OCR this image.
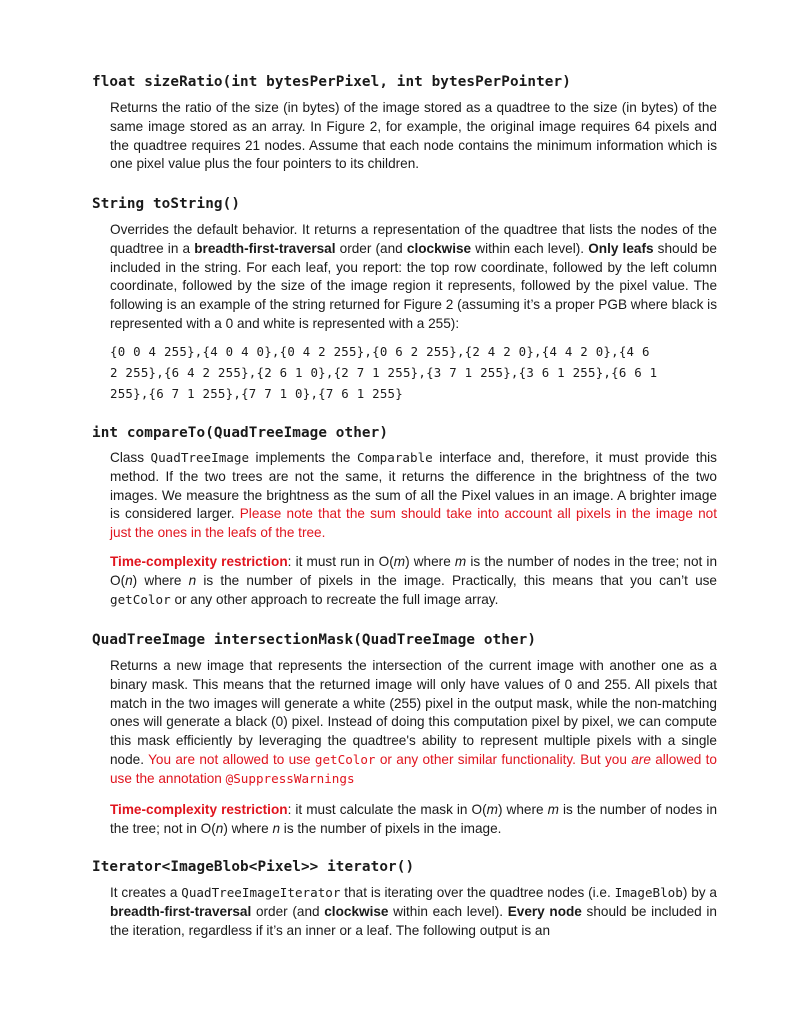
float sizeRatio(int bytesPerPixel, int bytesPerPointer)

Returns the ratio of the size (in bytes) of the image stored as a quadtree to the size (in bytes) of the same image stored as an array. In Figure 2, for example, the original image requires 64 pixels and the quadtree requires 21 nodes. Assume that each node contains the minimum information which is one pixel value plus the four pointers to its children.

String toString()

Overrides the default behavior. It returns a representation of the quadtree that lists the nodes of the quadtree in a breadth-first-traversal order (and clockwise within each level). Only leafs should be included in the string. For each leaf, you report: the top row coordinate, followed by the left column coordinate, followed by the size of the image region it represents, followed by the pixel value. The following is an example of the string returned for Figure 2 (assuming it’s a proper PGB where black is represented with a 0 and white is represented with a 255):

{0 0 4 255},{4 0 4 0},{0 4 2 255},{0 6 2 255},{2 4 2 0},{4 4 2 0},{4 6
2 255},{6 4 2 255},{2 6 1 0},{2 7 1 255},{3 7 1 255},{3 6 1 255},{6 6 1
255},{6 7 1 255},{7 7 1 0},{7 6 1 255}
int compareTo(QuadTreeImage other)

Class QuadTreeImage implements the Comparable interface and, therefore, it must provide this method. If the two trees are not the same, it returns the difference in the brightness of the two images. We measure the brightness as the sum of all the Pixel values in an image. A brighter image is considered larger. Please note that the sum should take into account all pixels in the image not just the ones in the leafs of the tree.

Time-complexity restriction: it must run in O(m) where m is the number of nodes in the tree; not in O(n) where n is the number of pixels in the image. Practically, this means that you can’t use getColor or any other approach to recreate the full image array.

QuadTreeImage intersectionMask(QuadTreeImage other)

Returns a new image that represents the intersection of the current image with another one as a binary mask. This means that the returned image will only have values of 0 and 255. All pixels that match in the two images will generate a white (255) pixel in the output mask, while the non-matching ones will generate a black (0) pixel. Instead of doing this computation pixel by pixel, we can compute this mask efficiently by leveraging the quadtree's ability to represent multiple pixels with a single node. You are not allowed to use getColor or any other similar functionality. But you are allowed to use the annotation @SuppressWarnings

Time-complexity restriction: it must calculate the mask in O(m) where m is the number of nodes in the tree; not in O(n) where n is the number of pixels in the image.

Iterator<ImageBlob<Pixel>> iterator()

It creates a QuadTreeImageIterator that is iterating over the quadtree nodes (i.e. ImageBlob) by a breadth-first-traversal order (and clockwise within each level). Every node should be included in the iteration, regardless if it’s an inner or a leaf. The following output is an
